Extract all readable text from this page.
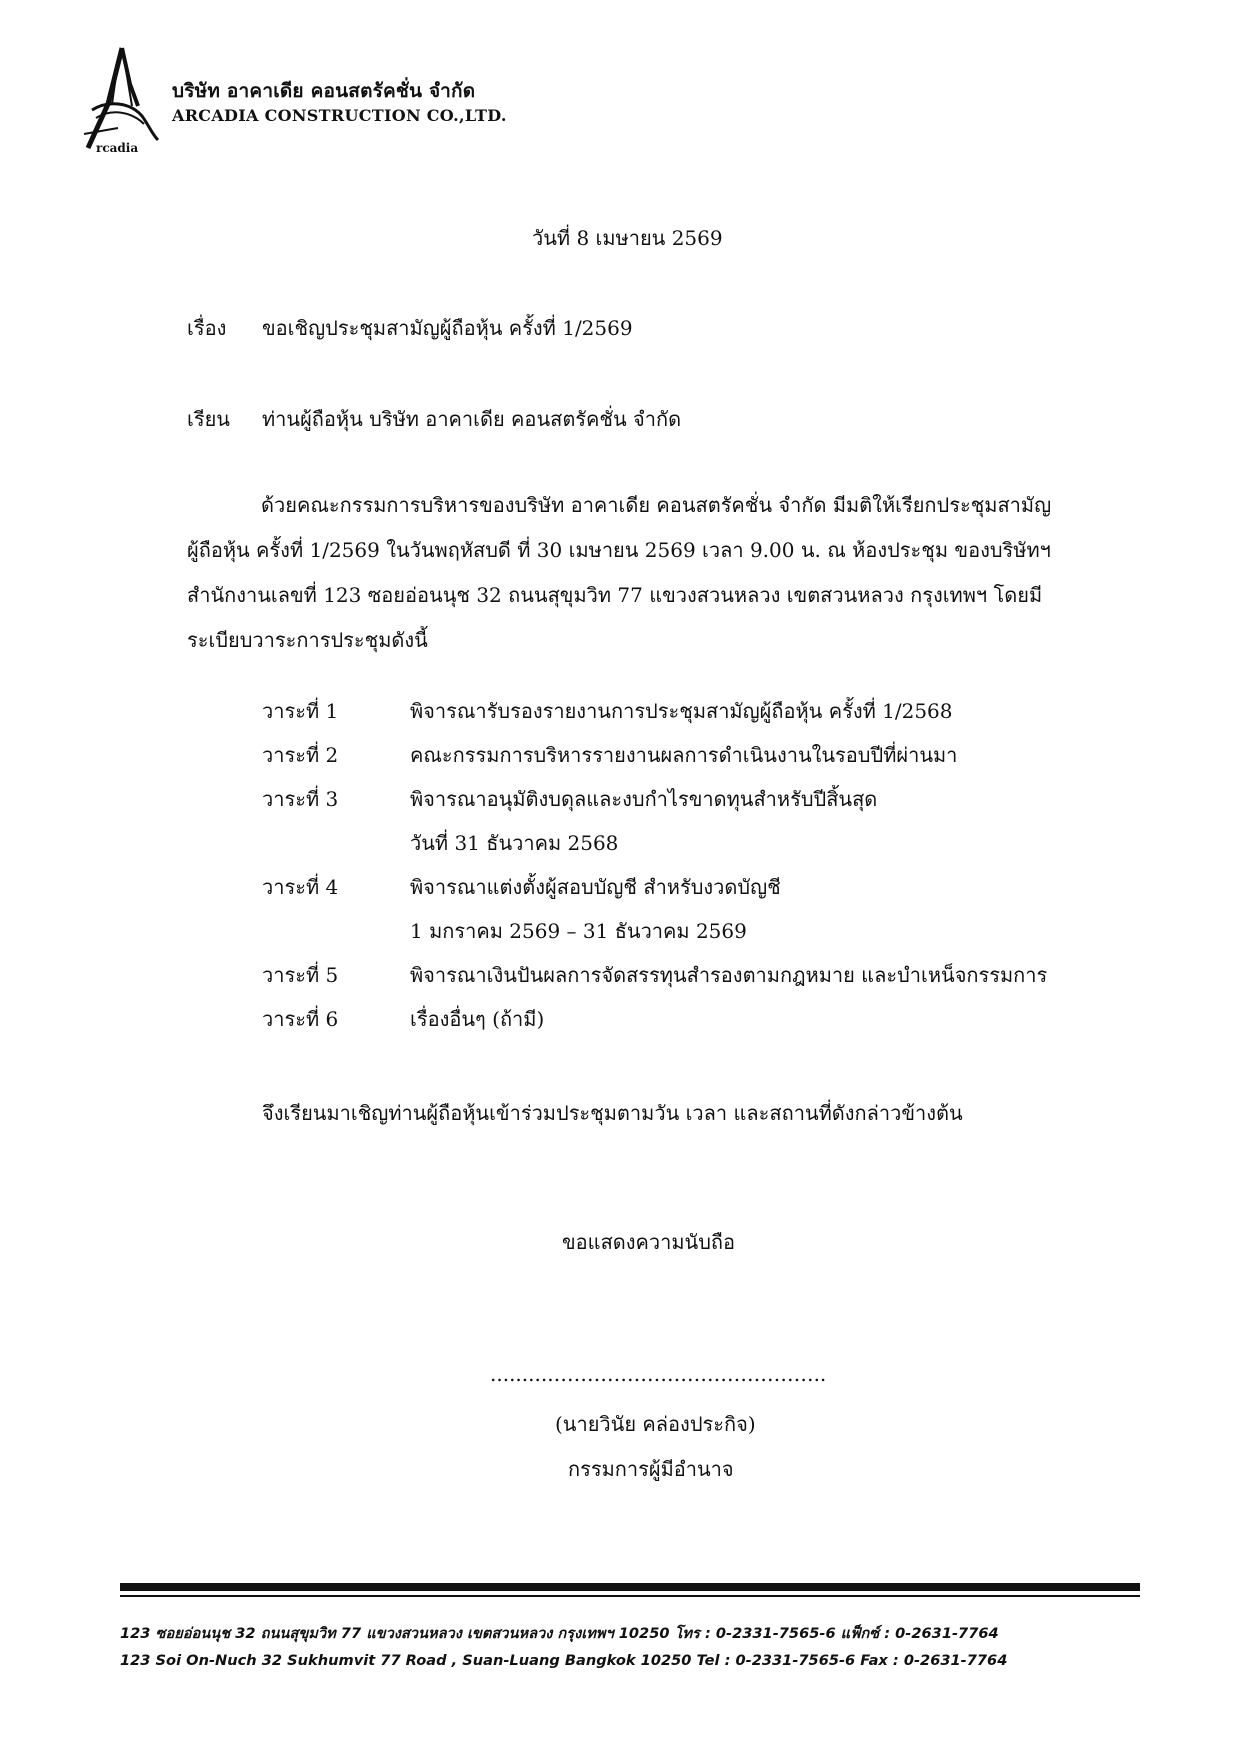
rcadia
บริษัท อาคาเดีย คอนสตรัคชั่น จำกัด
ARCADIA CONSTRUCTION CO.,LTD.
วันที่ 8 เมษายน 2569
เรื่อง ขอเชิญประชุมสามัญผู้ถือหุ้น ครั้งที่ 1/2569
เรียน ท่านผู้ถือหุ้น บริษัท อาคาเดีย คอนสตรัคชั่น จำกัด
ด้วยคณะกรรมการบริหารของบริษัท อาคาเดีย คอนสตรัคชั่น จำกัด มีมติให้เรียกประชุมสามัญ
ผู้ถือหุ้น ครั้งที่ 1/2569 ในวันพฤหัสบดี ที่ 30 เมษายน 2569 เวลา 9.00 น. ณ ห้องประชุม ของบริษัทฯ
สำนักงานเลขที่ 123 ซอยอ่อนนุช 32 ถนนสุขุมวิท 77 แขวงสวนหลวง เขตสวนหลวง กรุงเทพฯ โดยมี
ระเบียบวาระการประชุมดังนี้
วาระที่ 1	พิจารณารับรองรายงานการประชุมสามัญผู้ถือหุ้น ครั้งที่ 1/2568
วาระที่ 2	คณะกรรมการบริหารรายงานผลการดำเนินงานในรอบปีที่ผ่านมา
วาระที่ 3	พิจารณาอนุมัติงบดุลและงบกำไรขาดทุนสำหรับปีสิ้นสุด
วันที่ 31 ธันวาคม 2568
วาระที่ 4	พิจารณาแต่งตั้งผู้สอบบัญชี สำหรับงวดบัญชี
1 มกราคม 2569 – 31 ธันวาคม 2569
วาระที่ 5	พิจารณาเงินปันผลการจัดสรรทุนสำรองตามกฎหมาย และบำเหน็จกรรมการ
วาระที่ 6	เรื่องอื่นๆ (ถ้ามี)
จึงเรียนมาเชิญท่านผู้ถือหุ้นเข้าร่วมประชุมตามวัน เวลา และสถานที่ดังกล่าวข้างต้น
ขอแสดงความนับถือ
..........…………………………………..
(นายวินัย คล่องประกิจ)
กรรมการผู้มีอำนาจ
123 ซอยอ่อนนุช 32 ถนนสุขุมวิท 77 แขวงสวนหลวง เขตสวนหลวง กรุงเทพฯ 10250 โทร : 0-2331-7565-6 แฟ็กซ์ : 0-2631-7764
123 Soi On-Nuch 32 Sukhumvit 77 Road , Suan-Luang Bangkok 10250 Tel : 0-2331-7565-6 Fax : 0-2631-7764
